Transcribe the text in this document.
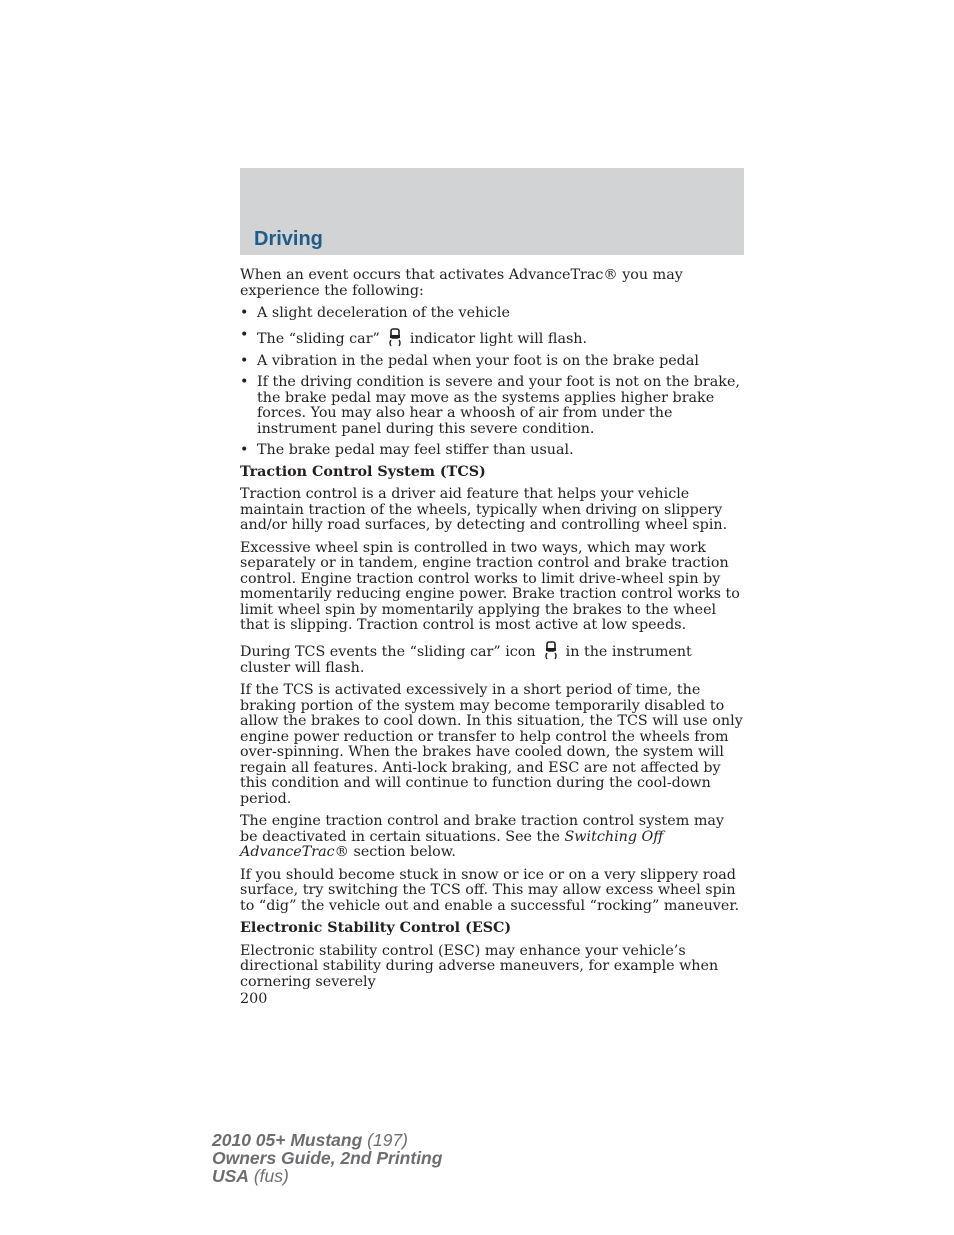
Driving

When an event occurs that activates AdvanceTrac® you may experience the following:

• A slight deceleration of the vehicle
• The “sliding car” indicator light will flash.
• A vibration in the pedal when your foot is on the brake pedal
• If the driving condition is severe and your foot is not on the brake, the brake pedal may move as the systems applies higher brake forces. You may also hear a whoosh of air from under the instrument panel during this severe condition.
• The brake pedal may feel stiffer than usual.

Traction Control System (TCS)

Traction control is a driver aid feature that helps your vehicle maintain traction of the wheels, typically when driving on slippery and/or hilly road surfaces, by detecting and controlling wheel spin.

Excessive wheel spin is controlled in two ways, which may work separately or in tandem, engine traction control and brake traction control. Engine traction control works to limit drive-wheel spin by momentarily reducing engine power. Brake traction control works to limit wheel spin by momentarily applying the brakes to the wheel that is slipping. Traction control is most active at low speeds.

During TCS events the “sliding car” icon in the instrument cluster will flash.

If the TCS is activated excessively in a short period of time, the braking portion of the system may become temporarily disabled to allow the brakes to cool down. In this situation, the TCS will use only engine power reduction or transfer to help control the wheels from over-spinning. When the brakes have cooled down, the system will regain all features. Anti-lock braking, and ESC are not affected by this condition and will continue to function during the cool-down period.

The engine traction control and brake traction control system may be deactivated in certain situations. See the Switching Off AdvanceTrac® section below.

If you should become stuck in snow or ice or on a very slippery road surface, try switching the TCS off. This may allow excess wheel spin to “dig” the vehicle out and enable a successful “rocking” maneuver.

Electronic Stability Control (ESC)

Electronic stability control (ESC) may enhance your vehicle’s directional stability during adverse maneuvers, for example when cornering severely

200

2010 05+ Mustang (197)
Owners Guide, 2nd Printing
USA (fus)
